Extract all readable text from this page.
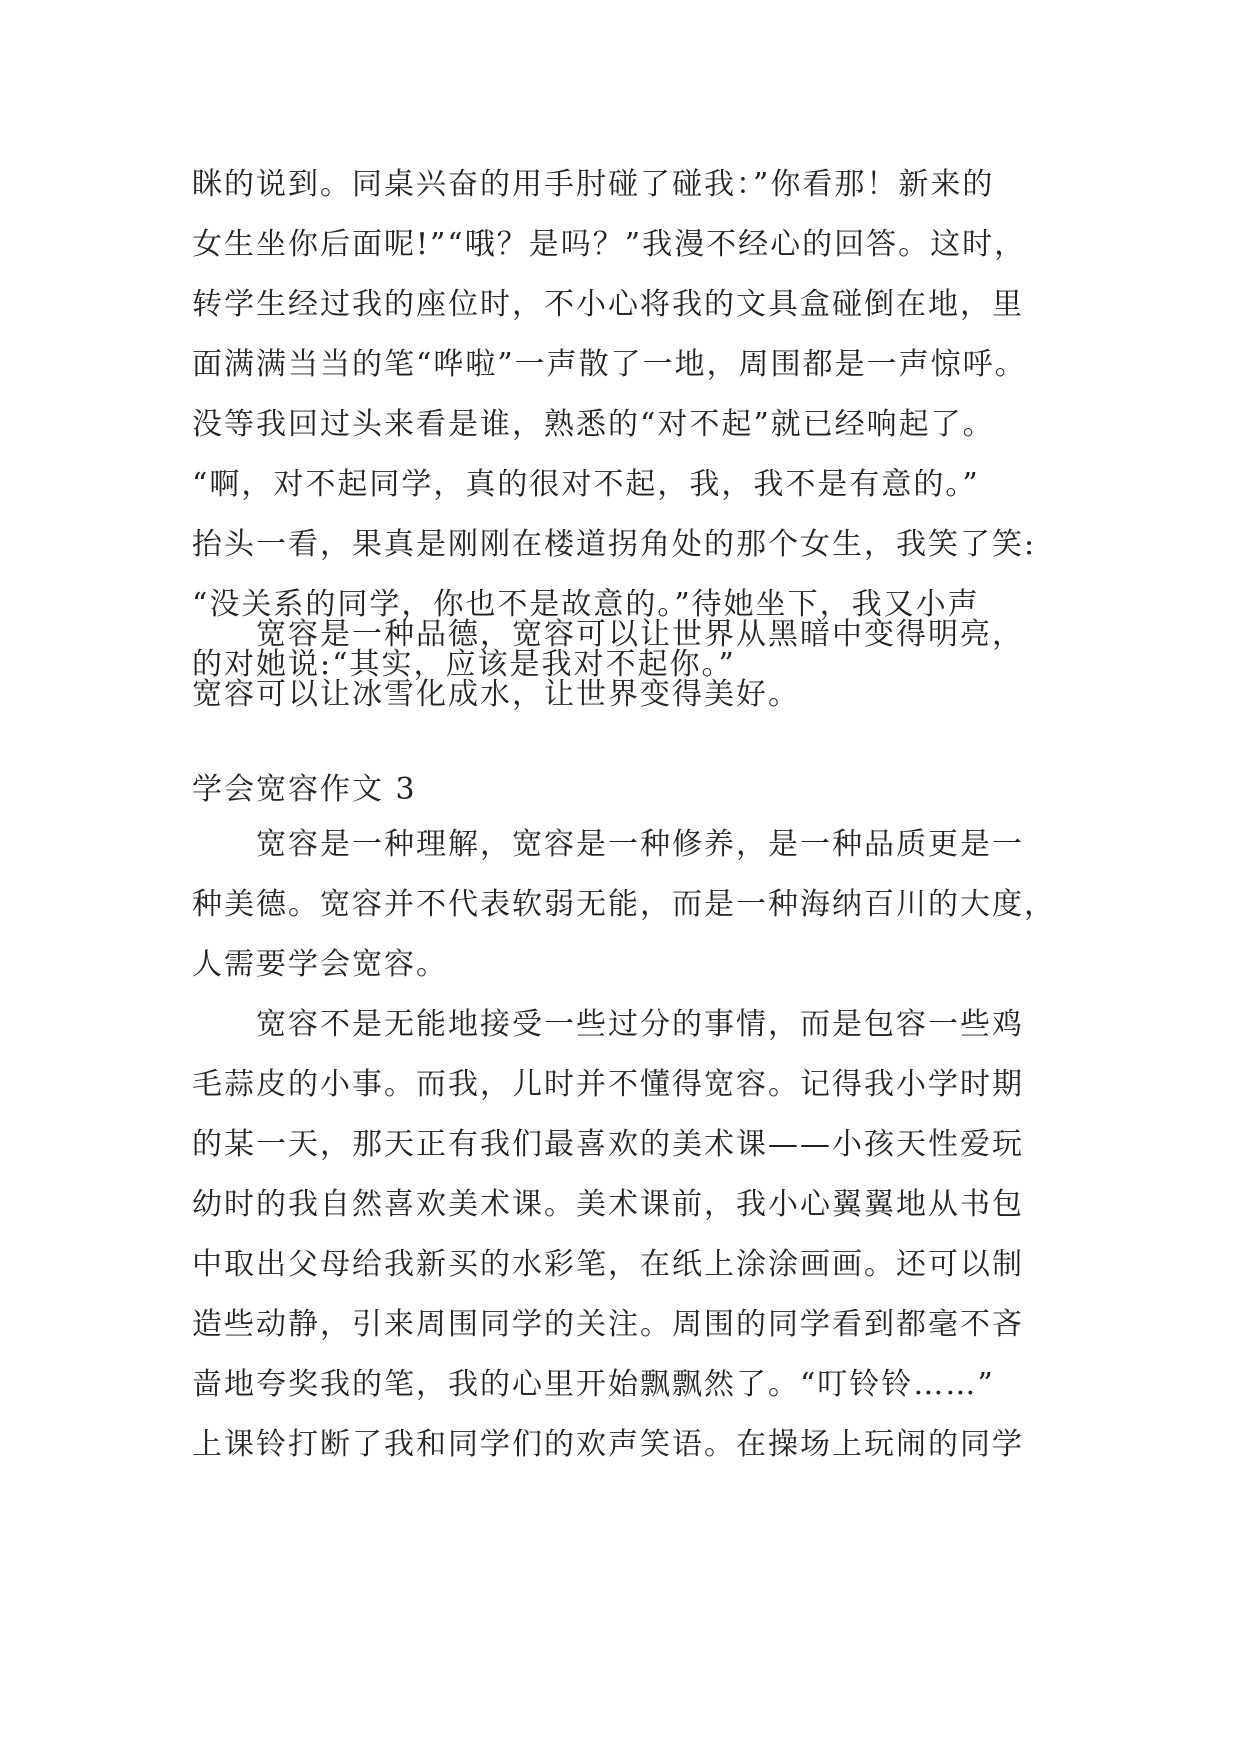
眯的说到。同桌兴奋的用手肘碰了碰我：”你看那！新来的
女生坐你后面呢!”“哦？是吗？”我漫不经心的回答。这时，
转学生经过我的座位时，不小心将我的文具盒碰倒在地，里
面满满当当的笔“哗啦”一声散了一地，周围都是一声惊呼。
没等我回过头来看是谁，熟悉的“对不起”就已经响起了。
“啊，对不起同学，真的很对不起，我，我不是有意的。”
抬头一看，果真是刚刚在楼道拐角处的那个女生，我笑了笑:
“没关系的同学，你也不是故意的。”待她坐下，我又小声
的对她说:“其实，应该是我对不起你。”
宽容是一种品德，宽容可以让世界从黑暗中变得明亮，
宽容可以让冰雪化成水，让世界变得美好。
学会宽容作文 3
宽容是一种理解，宽容是一种修养，是一种品质更是一
种美德。宽容并不代表软弱无能，而是一种海纳百川的大度，
人需要学会宽容。
宽容不是无能地接受一些过分的事情，而是包容一些鸡
毛蒜皮的小事。而我，儿时并不懂得宽容。记得我小学时期
的某一天，那天正有我们最喜欢的美术课——小孩天性爱玩
幼时的我自然喜欢美术课。美术课前，我小心翼翼地从书包
中取出父母给我新买的水彩笔，在纸上涂涂画画。还可以制
造些动静，引来周围同学的关注。周围的同学看到都毫不吝
啬地夸奖我的笔，我的心里开始飘飘然了。“叮铃铃……”
上课铃打断了我和同学们的欢声笑语。在操场上玩闹的同学
